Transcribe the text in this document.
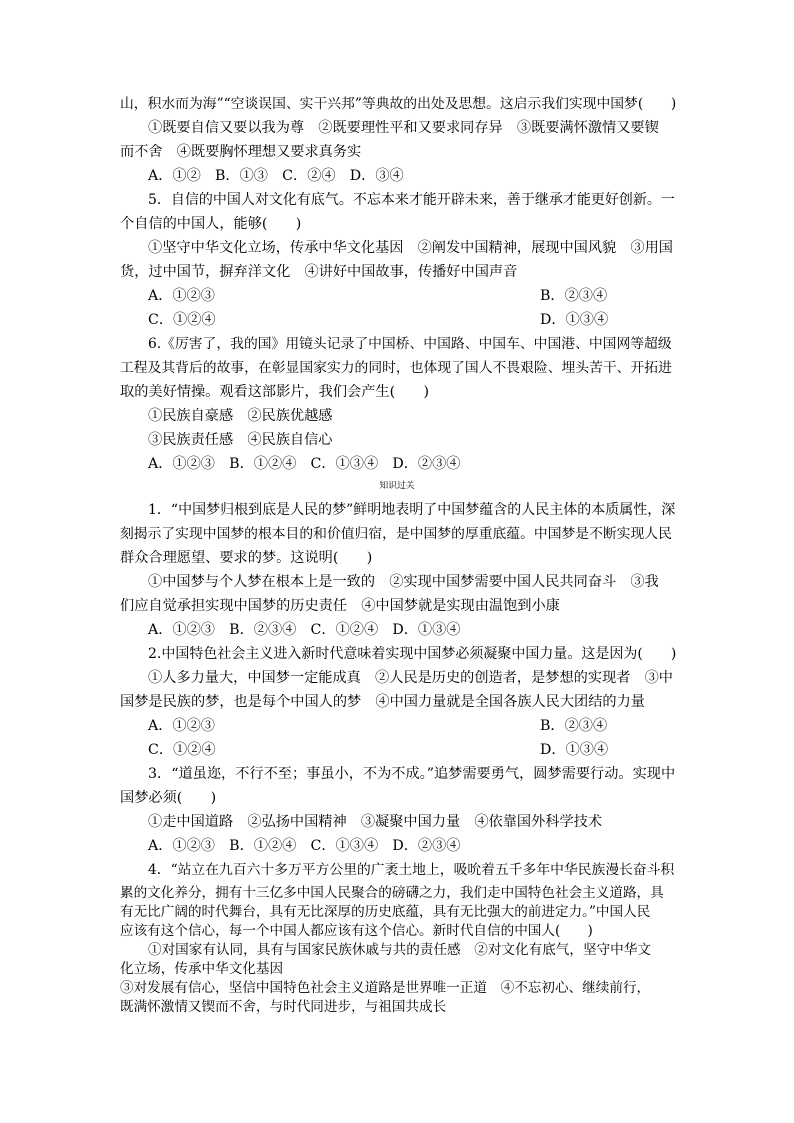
山，积水而为海”“空谈误国、实干兴邦”等典故的出处及思想。这启示我们实现中国梦(　　)
①既要自信又要以我为尊　②既要理性平和又要求同存异　③既要满怀激情又要锲
而不舍　④既要胸怀理想又要求真务实
A．①②　B．①③　C．②④　D．③④
5．自信的中国人对文化有底气。不忘本来才能开辟未来，善于继承才能更好创新。一
个自信的中国人，能够(　　)
①坚守中华文化立场，传承中华文化基因　②阐发中国精神，展现中国风貌　③用国
货，过中国节，摒弃洋文化　④讲好中国故事，传播好中国声音
A．①②③	B．②③④
C．①②④	D．①③④
6.《厉害了，我的国》用镜头记录了中国桥、中国路、中国车、中国港、中国网等超级
工程及其背后的故事，在彰显国家实力的同时，也体现了国人不畏艰险、埋头苦干、开拓进
取的美好情操。观看这部影片，我们会产生(　　)
①民族自豪感　②民族优越感
③民族责任感　④民族自信心
A．①②③　B．①②④　C．①③④　D．②③④
知识过关
1．“中国梦归根到底是人民的梦”鲜明地表明了中国梦蕴含的人民主体的本质属性，深
刻揭示了实现中国梦的根本目的和价值归宿，是中国梦的厚重底蕴。中国梦是不断实现人民
群众合理愿望、要求的梦。这说明(　　)
①中国梦与个人梦在根本上是一致的　②实现中国梦需要中国人民共同奋斗　③我
们应自觉承担实现中国梦的历史责任　④中国梦就是实现由温饱到小康
A．①②③　B．②③④　C．①②④　D．①③④
2.中国特色社会主义进入新时代意味着实现中国梦必须凝聚中国力量。这是因为(　　)
①人多力量大，中国梦一定能成真　②人民是历史的创造者，是梦想的实现者　③中
国梦是民族的梦，也是每个中国人的梦　④中国力量就是全国各族人民大团结的力量
A．①②③	B．②③④
C．①②④	D．①③④
3．“道虽迩，不行不至；事虽小，不为不成。”追梦需要勇气，圆梦需要行动。实现中
国梦必须(　　)
①走中国道路　②弘扬中国精神　③凝聚中国力量　④依靠国外科学技术
A．①②③　B．①②④　C．①③④　D．②③④
4．“站立在九百六十多万平方公里的广袤土地上，吸吮着五千多年中华民族漫长奋斗积
累的文化养分，拥有十三亿多中国人民聚合的磅礴之力，我们走中国特色社会主义道路，具
有无比广阔的时代舞台，具有无比深厚的历史底蕴，具有无比强大的前进定力。”中国人民
应该有这个信心，每一个中国人都应该有这个信心。新时代自信的中国人(　　)
①对国家有认同，具有与国家民族休戚与共的责任感　②对文化有底气，坚守中华文
化立场，传承中华文化基因
③对发展有信心，坚信中国特色社会主义道路是世界唯一正道　④不忘初心、继续前行，
既满怀激情又锲而不舍，与时代同进步，与祖国共成长
